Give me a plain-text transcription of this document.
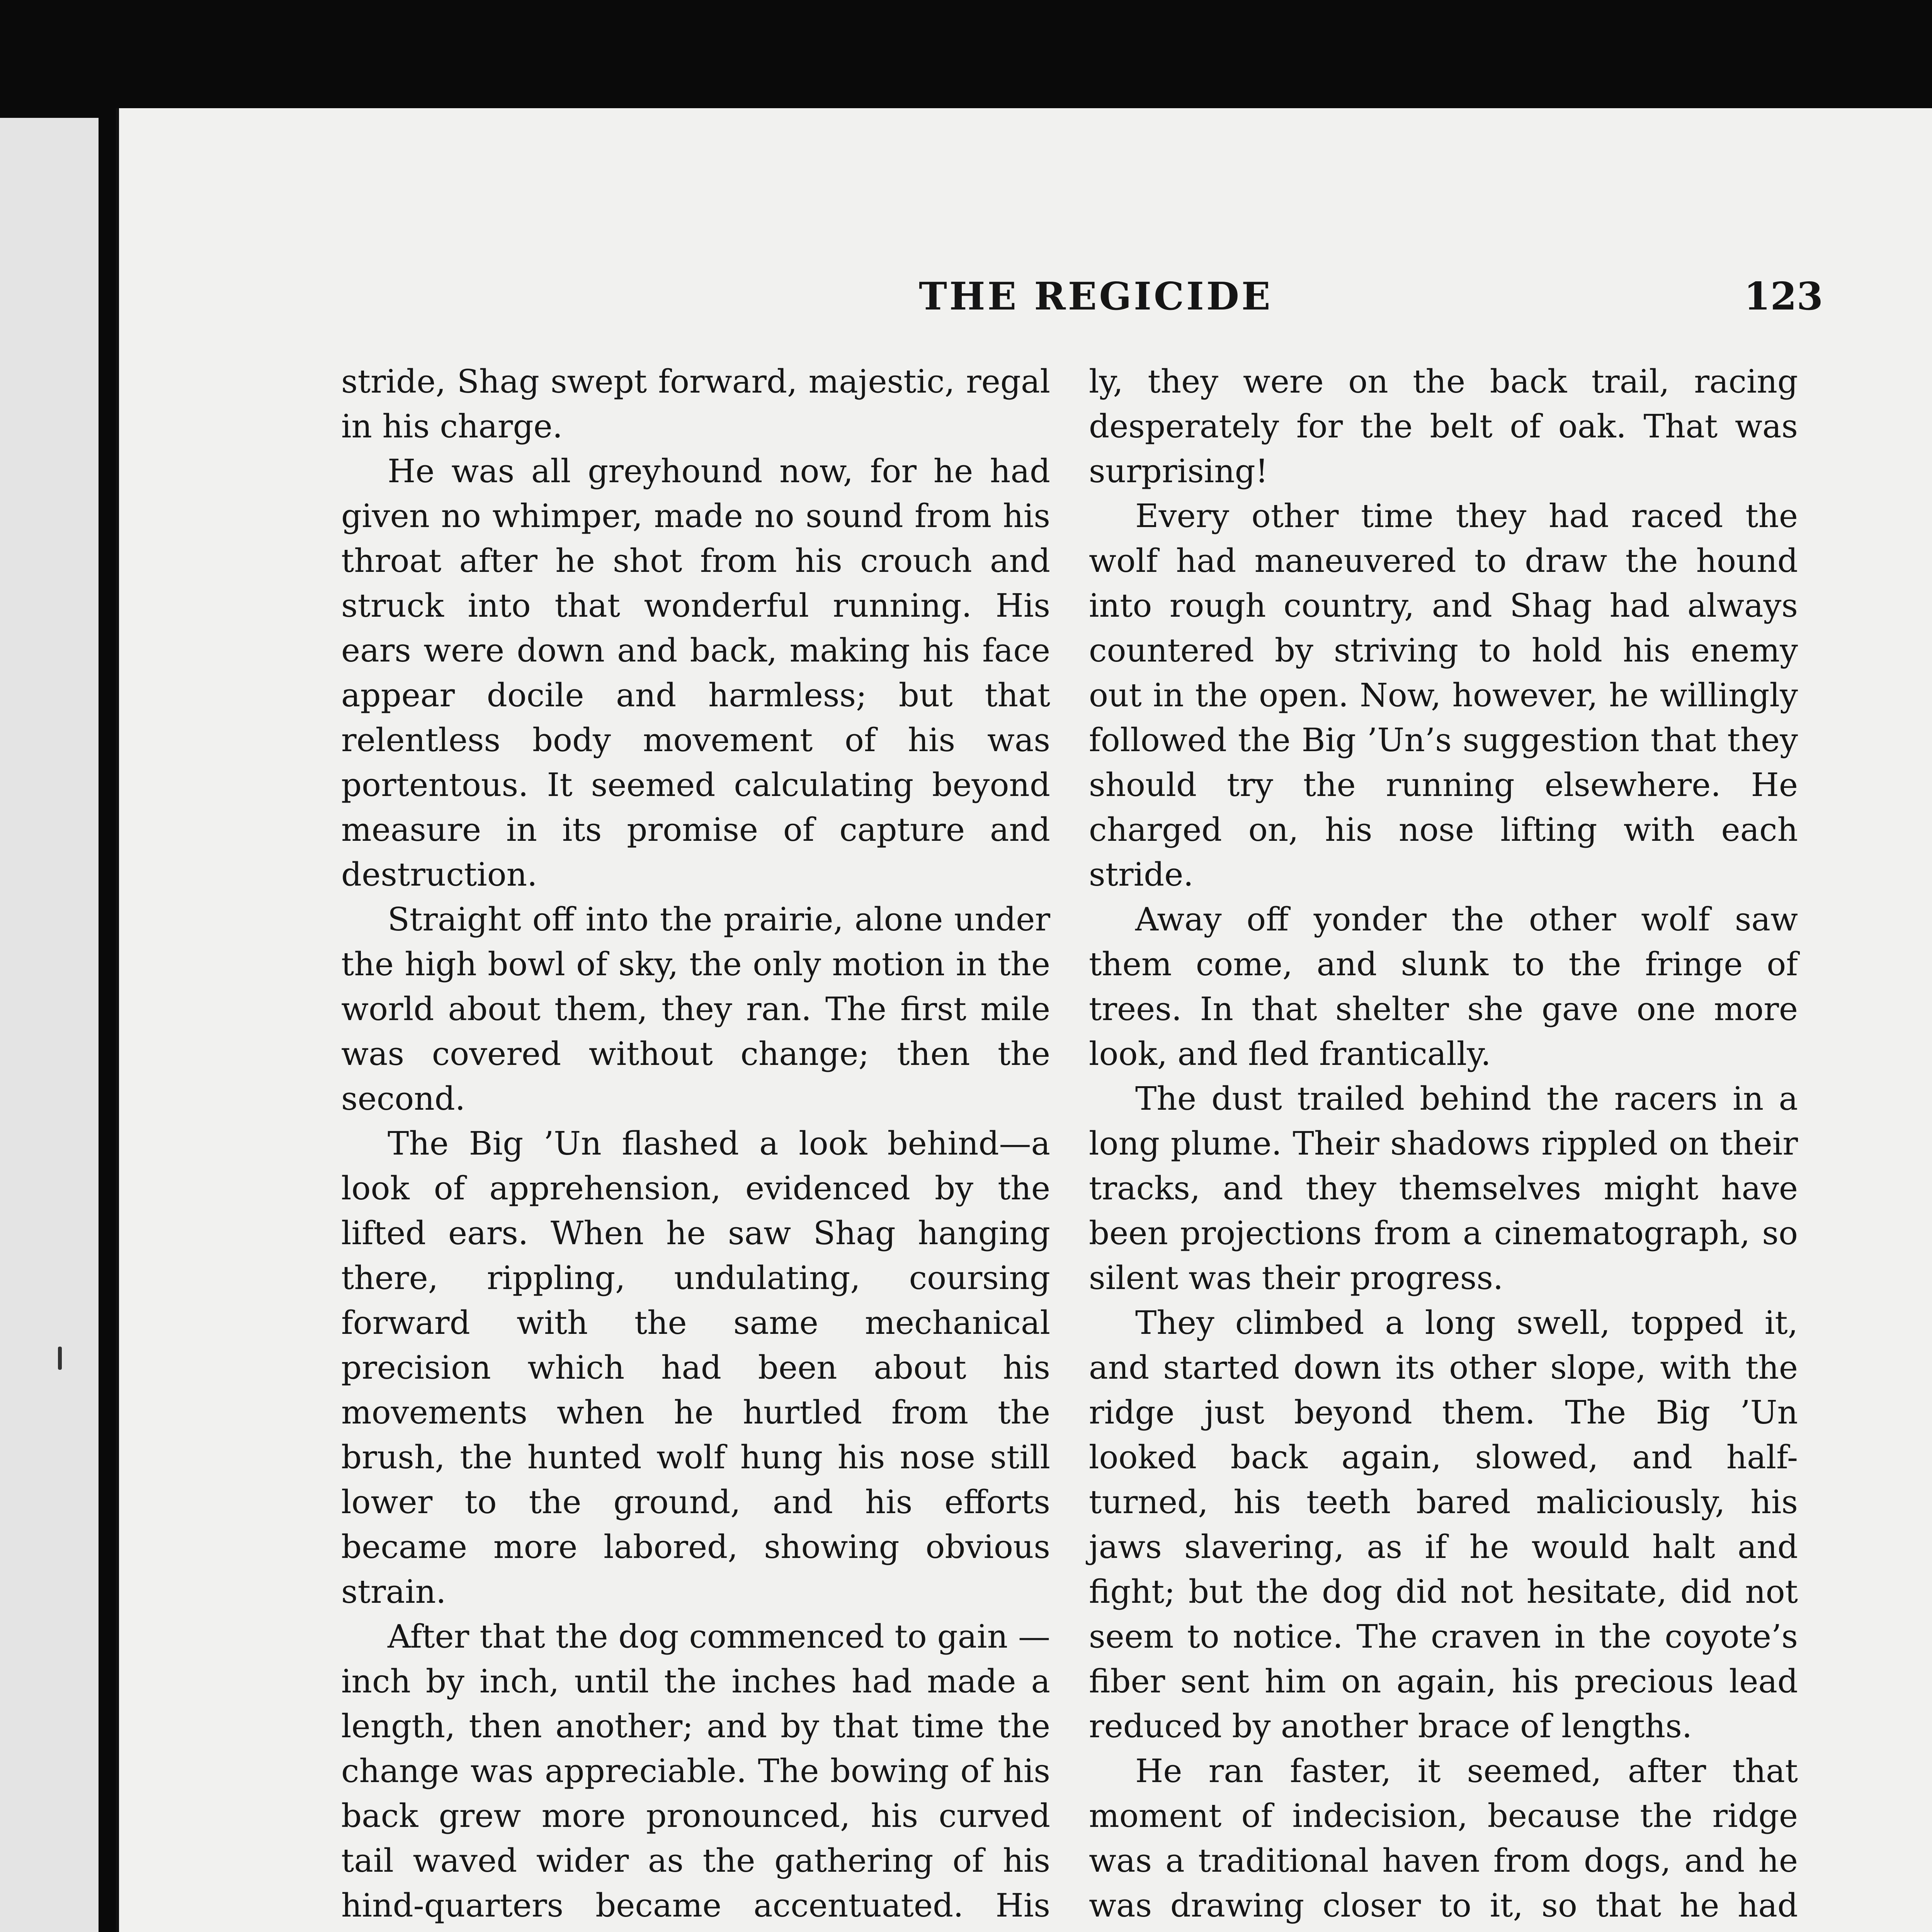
THE REGICIDE	123

stride, Shag swept forward, majestic, regal in his charge.

He was all greyhound now, for he had given no whimper, made no sound from his throat after he shot from his crouch and struck into that wonderful running. His ears were down and back, making his face appear docile and harmless; but that relentless body movement of his was portentous. It seemed calculating beyond measure in its promise of capture and destruction.

Straight off into the prairie, alone under the high bowl of sky, the only motion in the world about them, they ran. The first mile was covered without change; then the second.

The Big ’Un flashed a look behind—a look of apprehension, evidenced by the lifted ears. When he saw Shag hanging there, rippling, undulating, coursing forward with the same mechanical precision which had been about his movements when he hurtled from the brush, the hunted wolf hung his nose still lower to the ground, and his efforts became more labored, showing obvious strain.

After that the dog commenced to gain —inch by inch, until the inches had made a length, then another; and by that time the change was appreciable. The bowing of his back grew more pronounced, his curved tail waved wider as the gathering of his hind-quarters became accentuated. His

ly, they were on the back trail, racing desperately for the belt of oak. That was surprising!

Every other time they had raced the wolf had maneuvered to draw the hound into rough country, and Shag had always countered by striving to hold his enemy out in the open. Now, however, he willingly followed the Big ’Un’s suggestion that they should try the running elsewhere. He charged on, his nose lifting with each stride.

Away off yonder the other wolf saw them come, and slunk to the fringe of trees. In that shelter she gave one more look, and fled frantically.

The dust trailed behind the racers in a long plume. Their shadows rippled on their tracks, and they themselves might have been projections from a cinematograph, so silent was their progress.

They climbed a long swell, topped it, and started down its other slope, with the ridge just beyond them. The Big ’Un looked back again, slowed, and half-turned, his teeth bared maliciously, his jaws slavering, as if he would halt and fight; but the dog did not hesitate, did not seem to notice. The craven in the coyote’s fiber sent him on again, his precious lead reduced by another brace of lengths.

He ran faster, it seemed, after that moment of indecision, because the ridge was a traditional haven from dogs, and he was drawing closer to it, so that he had
